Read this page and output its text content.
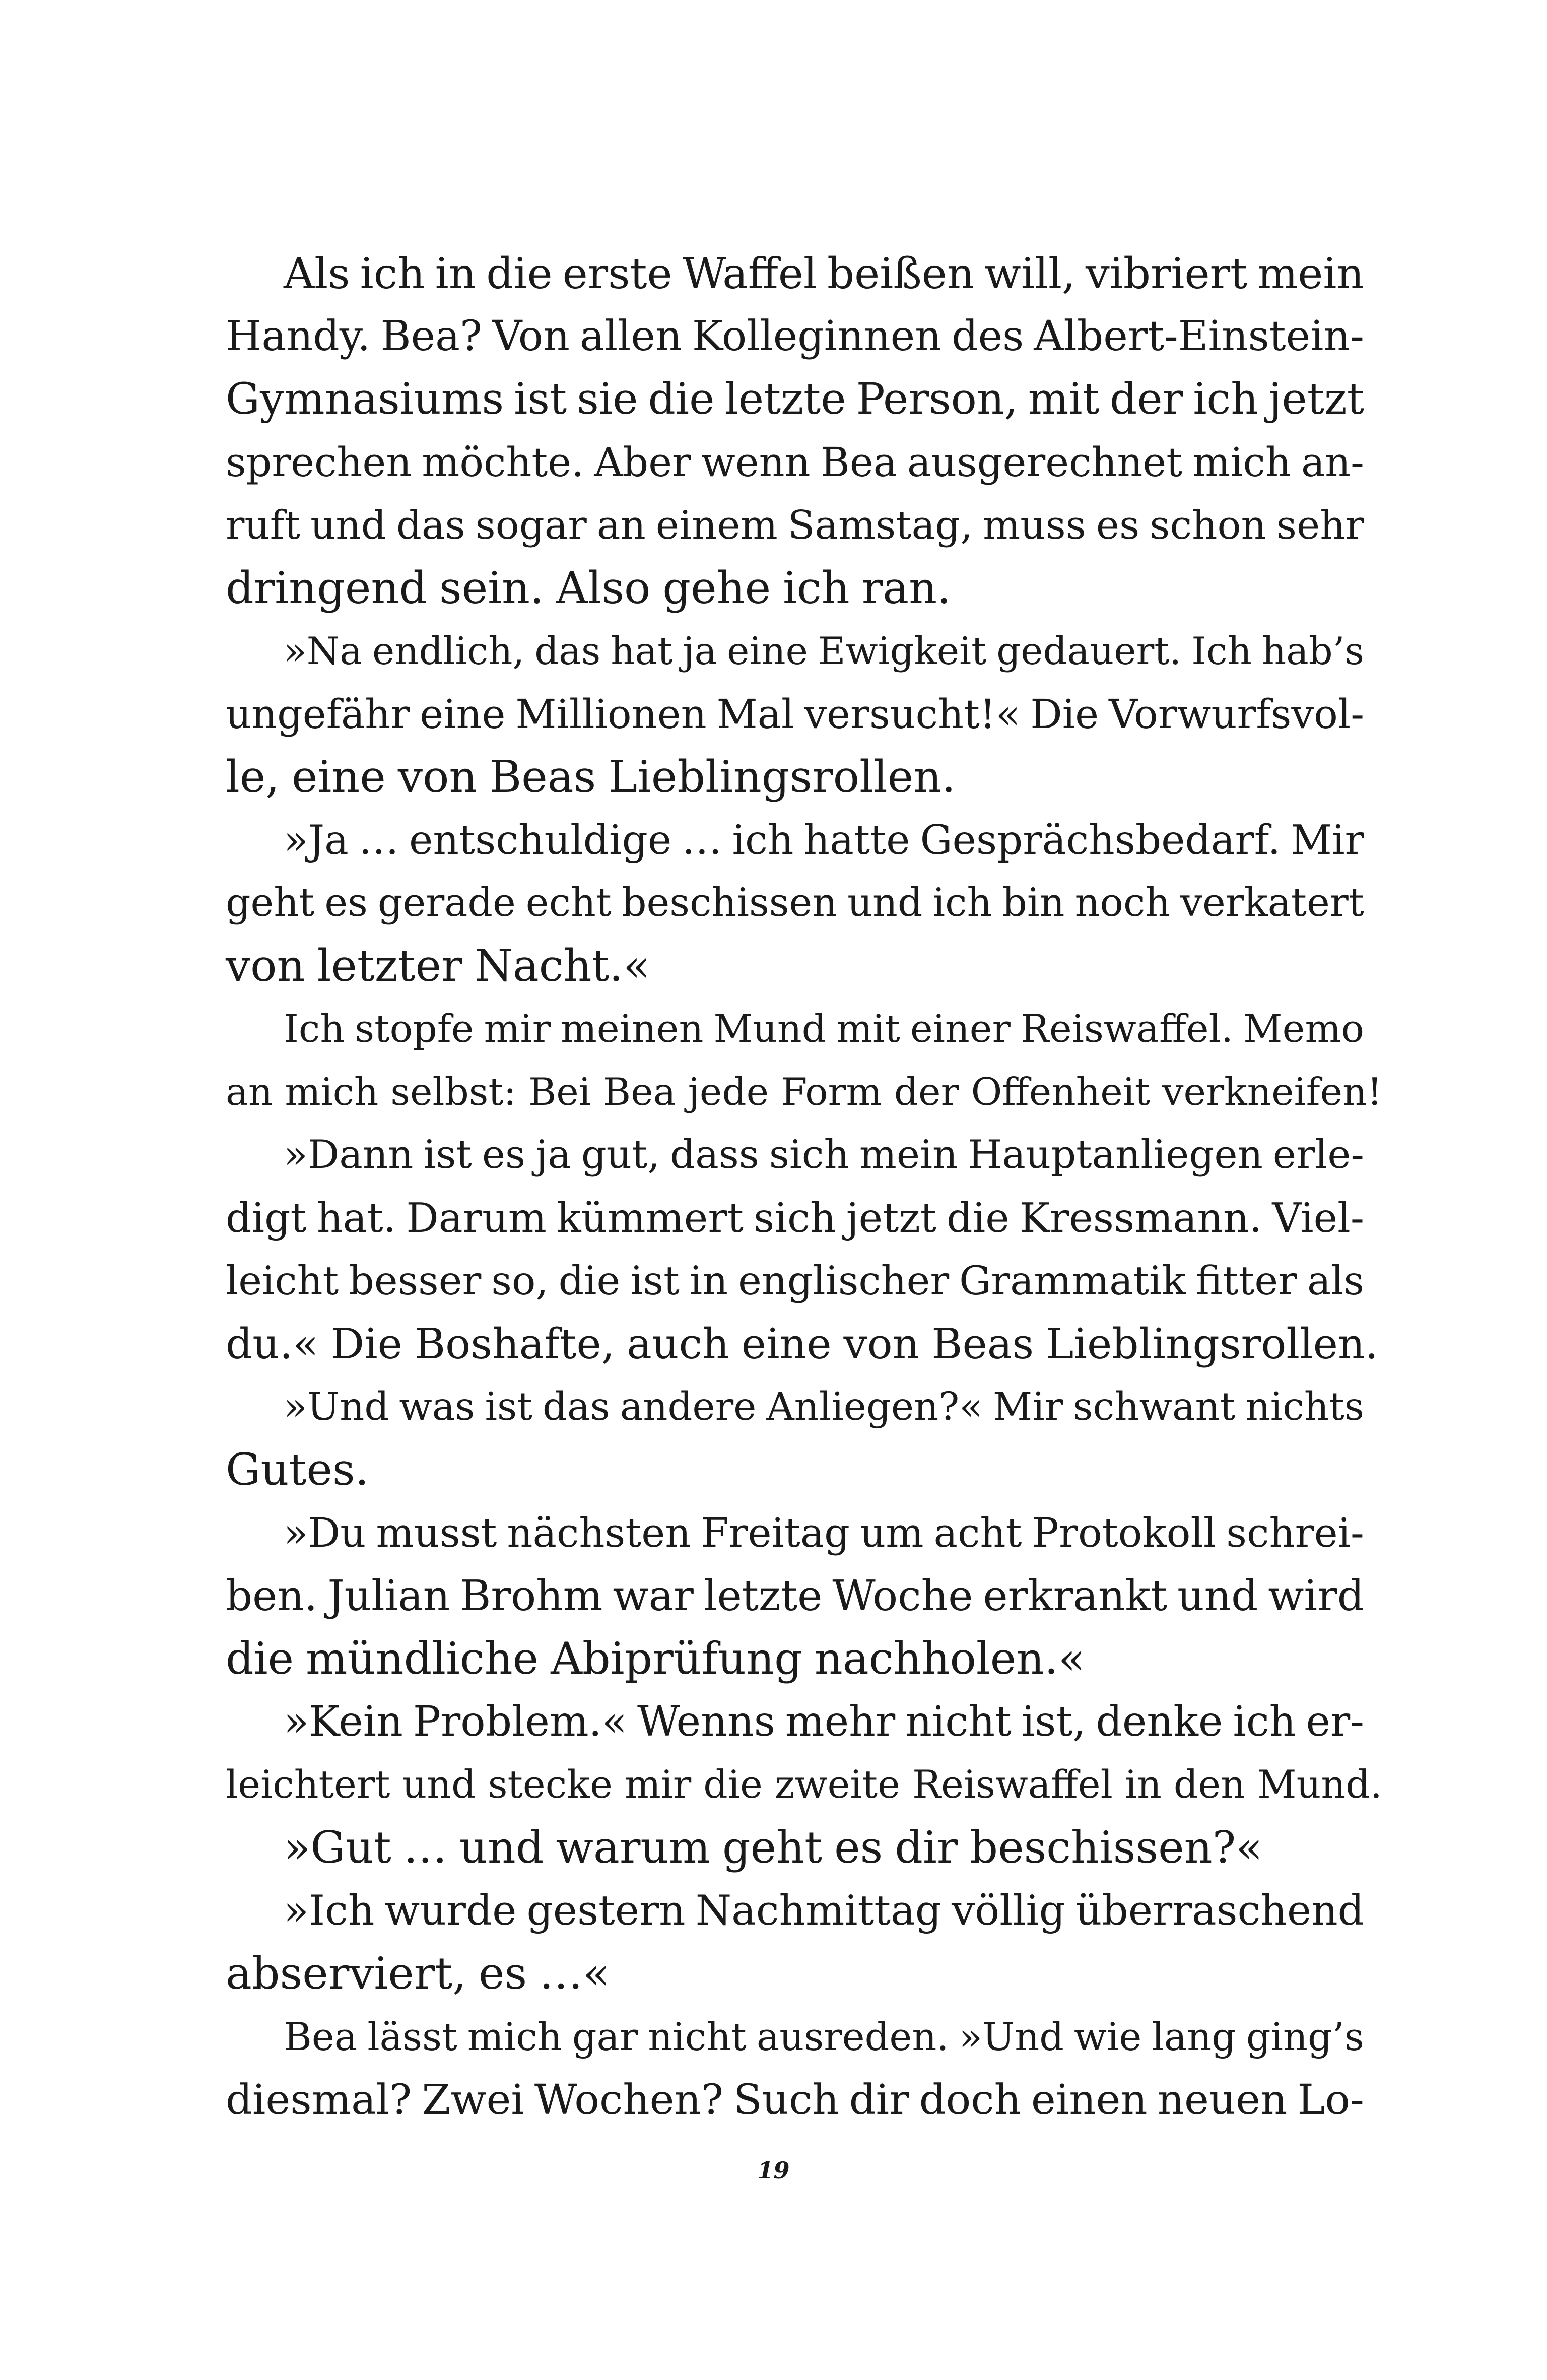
Als ich in die erste Waffel beißen will, vibriert mein
Handy. Bea? Von allen Kolleginnen des Albert-Einstein-
Gymnasiums ist sie die letzte Person, mit der ich jetzt
sprechen möchte. Aber wenn Bea ausgerechnet mich an-
ruft und das sogar an einem Samstag, muss es schon sehr
dringend sein. Also gehe ich ran.
»Na endlich, das hat ja eine Ewigkeit gedauert. Ich hab’s
ungefähr eine Millionen Mal versucht!« Die Vorwurfsvol-
le, eine von Beas Lieblingsrollen.
»Ja … entschuldige … ich hatte Gesprächsbedarf. Mir
geht es gerade echt beschissen und ich bin noch verkatert
von letzter Nacht.«
Ich stopfe mir meinen Mund mit einer Reiswaffel. Memo
an mich selbst: Bei Bea jede Form der Offenheit verkneifen!
»Dann ist es ja gut, dass sich mein Hauptanliegen erle-
digt hat. Darum kümmert sich jetzt die Kressmann. Viel-
leicht besser so, die ist in englischer Grammatik fitter als
du.« Die Boshafte, auch eine von Beas Lieblingsrollen.
»Und was ist das andere Anliegen?« Mir schwant nichts
Gutes.
»Du musst nächsten Freitag um acht Protokoll schrei-
ben. Julian Brohm war letzte Woche erkrankt und wird
die mündliche Abiprüfung nachholen.«
»Kein Problem.« Wenns mehr nicht ist, denke ich er-
leichtert und stecke mir die zweite Reiswaffel in den Mund.
»Gut … und warum geht es dir beschissen?«
»Ich wurde gestern Nachmittag völlig überraschend
abserviert, es …«
Bea lässt mich gar nicht ausreden. »Und wie lang ging’s
diesmal? Zwei Wochen? Such dir doch einen neuen Lo-
19
